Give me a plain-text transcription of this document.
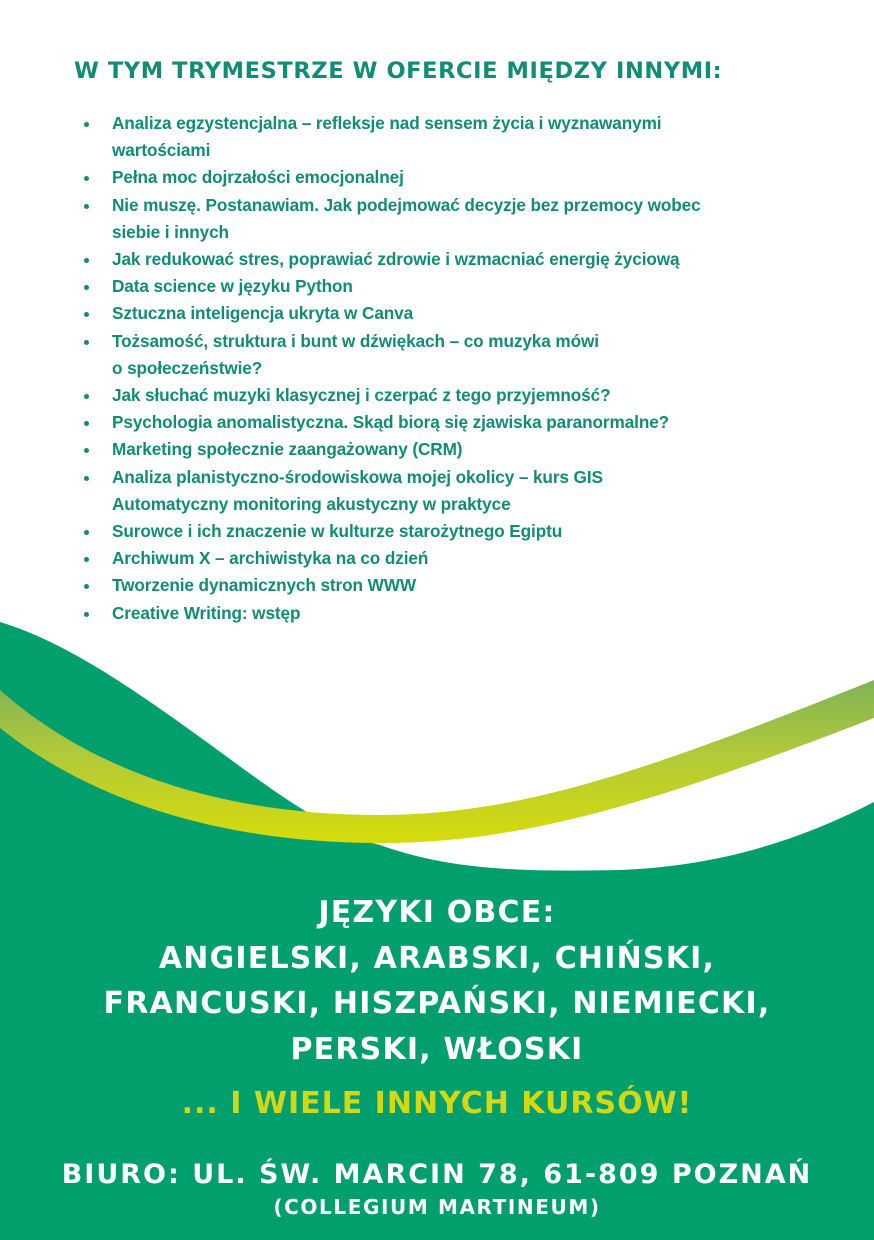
W TYM TRYMESTRZE W OFERCIE MIĘDZY INNYMI:
Analiza egzystencjalna – refleksje nad sensem życia i wyznawanymi
wartościami
Pełna moc dojrzałości emocjonalnej
Nie muszę. Postanawiam. Jak podejmować decyzje bez przemocy wobec
siebie i innych
Jak redukować stres, poprawiać zdrowie i wzmacniać energię życiową
Data science w języku Python
Sztuczna inteligencja ukryta w Canva
Tożsamość, struktura i bunt w dźwiękach – co muzyka mówi
o społeczeństwie?
Jak słuchać muzyki klasycznej i czerpać z tego przyjemność?
Psychologia anomalistyczna. Skąd biorą się zjawiska paranormalne?
Marketing społecznie zaangażowany (CRM)
Analiza planistyczno-środowiskowa mojej okolicy – kurs GIS
Automatyczny monitoring akustyczny w praktyce
Surowce i ich znaczenie w kulturze starożytnego Egiptu
Archiwum X – archiwistyka na co dzień
Tworzenie dynamicznych stron WWW
Creative Writing: wstęp
JĘZYKI OBCE:
ANGIELSKI, ARABSKI, CHIŃSKI,
FRANCUSKI, HISZPAŃSKI, NIEMIECKI,
PERSKI, WŁOSKI
... I WIELE INNYCH KURSÓW!
BIURO: UL. ŚW. MARCIN 78, 61-809 POZNAŃ
(COLLEGIUM MARTINEUM)
